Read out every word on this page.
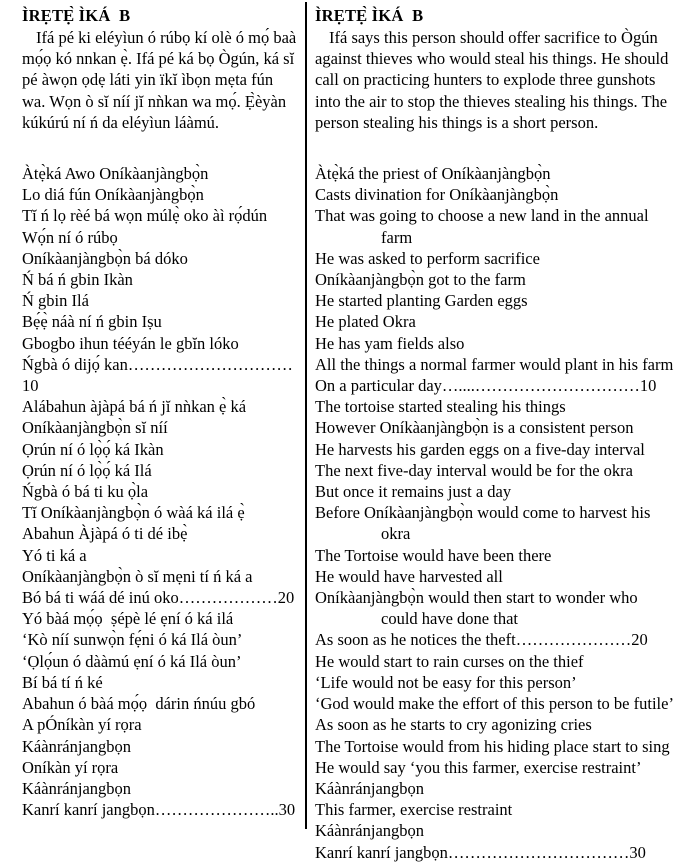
ÌRẸTẸ̀ ÌKÁ  B

Ifá pé ki eléyìun ó rúbọ kí olè ó mọ́ baà mọ́ọ kó nnkan ẹ̀. Ifá pé ká bọ Ògún, ká sĭ pé àwọn ọdẹ láti yin ïkĭ ìbọn mẹta fún wa. Wọn ò sĭ níí jĭ nǹkan wa mọ́. Ẹ̀èyàn kúkúrú ní ń da eléyìun láàmú.

Àtẹ̀ká Awo Oníkàanjàngbọ̀n
Lo diá fún Oníkàanjàngbọ̀n
Tĭ ń lọ rèé bá wọn múlẹ̀ oko àì rọ́dún
Wọ́n ní ó rúbọ
Oníkàanjàngbọ̀n bá dóko
Ń bá ń gbin Ikàn
Ń gbin Ilá
Bẹ́ẹ̀ náà ní ń gbin Iṣu
Gbogbo ihun tééyán le gbĭn lóko
Ńgbà ó dijọ́ kan…………………………10
Alábahun àjàpá bá ń jĭ nǹkan ẹ̀ ká
Oníkàanjàngbọ̀n sĭ níí
Ọrún ní ó lọ̀ọ́ ká Ikàn
Ọrún ní ó lọ̀ọ́ ká Ilá
Ńgbà ó bá ti ku ọ̀la
Tĭ Oníkàanjàngbọ̀n ó wàá ká ilá ẹ̀
Abahun Àjàpá ó ti dé ibẹ̀
Yó ti ká a
Oníkàanjàngbọ̀n ò sĭ mẹni tí ń ká a
Bó bá ti wáá dé inú oko………………20
Yó bàá mọ́ọ  ṣépè lé ẹní ó ká ilá
‘Kò níí sunwọ̀n fẹ́ni ó ká Ilá òun’
‘Ọlọ́un ó dààmú ẹní ó ká Ilá òun’
Bí bá tí ń ké
Abahun ó bàá mọ́ọ  dárin ńnúu gbó
A pÓníkàn yí rọra
Káànránjangbọn
Oníkàn yí rọra
Káànránjangbọn
Kanrí kanrí jangbọn…………………..30
ÌRẸTẸ̀ ÌKÁ  B

Ifá says this person should offer sacrifice to Ògún against thieves who would steal his things. He should call on practicing hunters to explode three gunshots into the air to stop the thieves stealing his things. The person stealing his things is a short person.

Àtẹ̀ká the priest of Oníkàanjàngbọ̀n
Casts divination for Oníkàanjàngbọ̀n
That was going to choose a new land in the annual
farm
He was asked to perform sacrifice
Oníkàanjàngbọ̀n got to the farm
He started planting Garden eggs
He plated Okra
He has yam fields also
All the things a normal farmer would plant in his farm
On a particular day…....…………………………10
The tortoise started stealing his things
However Oníkàanjàngbọ̀n is a consistent person
He harvests his garden eggs on a five-day interval
The next five-day interval would be for the okra
But once it remains just a day
Before Oníkàanjàngbọ̀n would come to harvest his
okra
The Tortoise would have been there
He would have harvested all
Oníkàanjàngbọ̀n would then start to wonder who
could have done that
As soon as he notices the theft…………………20
He would start to rain curses on the thief
‘Life would not be easy for this person’
‘God would make the effort of this person to be futile’
As soon as he starts to cry agonizing cries
The Tortoise would from his hiding place start to sing
He would say ‘you this farmer, exercise restraint’
Káànránjangbọn
This farmer, exercise restraint
Káànránjangbọn
Kanrí kanrí jangbọn……………………………30
